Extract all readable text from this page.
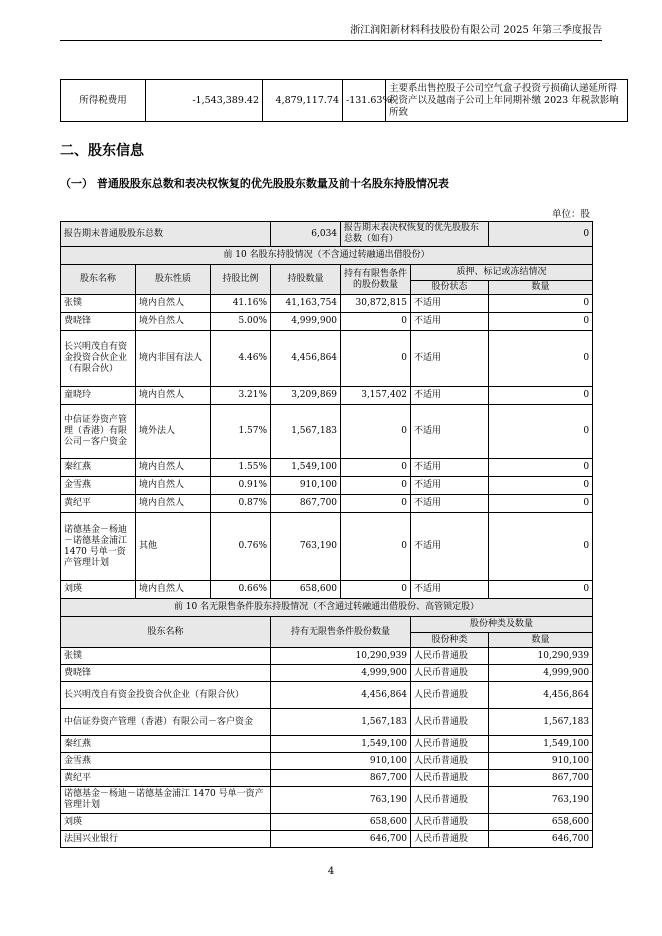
浙江润阳新材料科技股份有限公司 2025 年第三季度报告
所得税费用	-1,543,389.42	4,879,117.74	-131.63%	主要系出售控股子公司空气盒子投资亏损确认递延所得税资产以及越南子公司上年同期补缴 2023 年税款影响所致
二、股东信息
（一） 普通股股东总数和表决权恢复的优先股股东数量及前十名股东持股情况表
单位：股
报告期末普通股股东总数			6,034	报告期末表决权恢复的优先股股东总数（如有）		0
前 10 名股东持股情况（不含通过转融通出借股份）						
股东名称	股东性质	持股比例	持股数量	持有有限售条件的股份数量	质押、标记或冻结情况	
					股份状态	数量
张镤	境内自然人	41.16%	41,163,754	30,872,815	不适用	0
费晓锋	境外自然人	5.00%	4,999,900	0	不适用	0
长兴明茂自有资金投资合伙企业（有限合伙）	境内非国有法人	4.46%	4,456,864	0	不适用	0
童晓玲	境内自然人	3.21%	3,209,869	3,157,402	不适用	0
中信证券资产管理（香港）有限公司－客户资金	境外法人	1.57%	1,567,183	0	不适用	0
秦红燕	境内自然人	1.55%	1,549,100	0	不适用	0
金雪燕	境内自然人	0.91%	910,100	0	不适用	0
黄纪平	境内自然人	0.87%	867,700	0	不适用	0
诺德基金－杨迪－诺德基金浦江 1470 号单一资产管理计划	其他	0.76%	763,190	0	不适用	0
刘瑛	境内自然人	0.66%	658,600	0	不适用	0
前 10 名无限售条件股东持股情况（不含通过转融通出借股份、高管锁定股）						
股东名称			持有无限售条件股份数量		股份种类及数量	
					股份种类	数量
张镤			10,290,939		人民币普通股	10,290,939
费晓锋			4,999,900		人民币普通股	4,999,900
长兴明茂自有资金投资合伙企业（有限合伙）			4,456,864		人民币普通股	4,456,864
中信证券资产管理（香港）有限公司－客户资金			1,567,183		人民币普通股	1,567,183
秦红燕			1,549,100		人民币普通股	1,549,100
金雪燕			910,100		人民币普通股	910,100
黄纪平			867,700		人民币普通股	867,700
诺德基金－杨迪－诺德基金浦江 1470 号单一资产管理计划			763,190		人民币普通股	763,190
刘瑛			658,600		人民币普通股	658,600
法国兴业银行			646,700		人民币普通股	646,700
4
